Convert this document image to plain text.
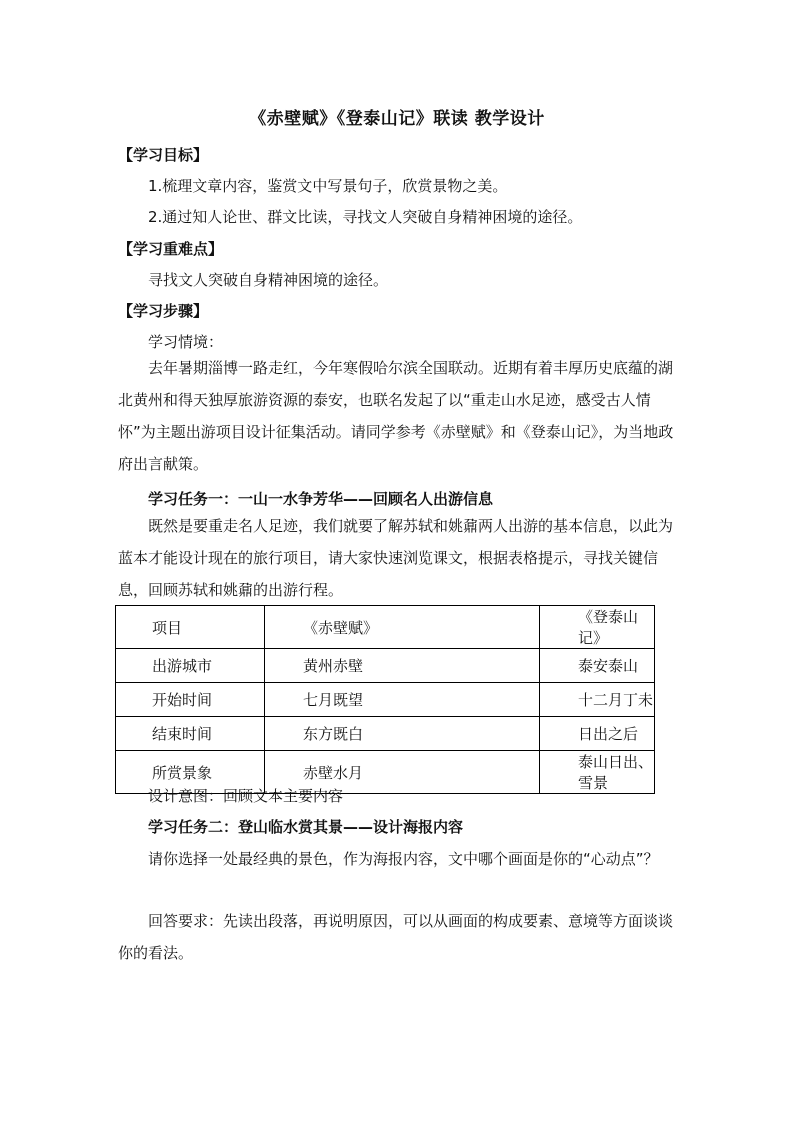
《赤壁赋》《登泰山记》联读 教学设计
【学习目标】
1.梳理文章内容，鉴赏文中写景句子，欣赏景物之美。
2.通过知人论世、群文比读，寻找文人突破自身精神困境的途径。
【学习重难点】
寻找文人突破自身精神困境的途径。
【学习步骤】
学习情境：
去年暑期淄博一路走红，今年寒假哈尔滨全国联动。近期有着丰厚历史底蕴的湖北黄州和得天独厚旅游资源的泰安，也联名发起了以“重走山水足迹，感受古人情怀”为主题出游项目设计征集活动。请同学参考《赤壁赋》和《登泰山记》，为当地政府出言献策。
学习任务一：一山一水争芳华——回顾名人出游信息
既然是要重走名人足迹，我们就要了解苏轼和姚鼐两人出游的基本信息，以此为蓝本才能设计现在的旅行项目，请大家快速浏览课文，根据表格提示，寻找关键信息，回顾苏轼和姚鼐的出游行程。
项目	《赤壁赋》	《登泰山记》
出游城市	黄州赤壁	泰安泰山
开始时间	七月既望	十二月丁未
结束时间	东方既白	日出之后
所赏景象	赤壁水月	泰山日出、雪景
设计意图：回顾文本主要内容
学习任务二：登山临水赏其景——设计海报内容
请你选择一处最经典的景色，作为海报内容，文中哪个画面是你的“心动点”？
回答要求：先读出段落，再说明原因，可以从画面的构成要素、意境等方面谈谈你的看法。
